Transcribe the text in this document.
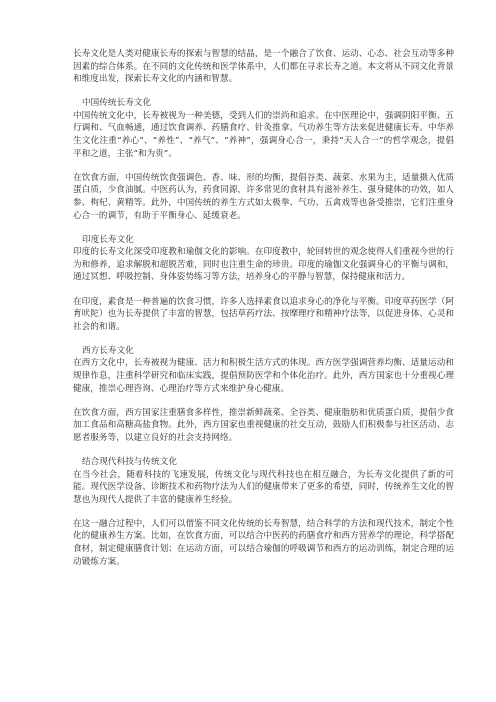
长寿文化是人类对健康长寿的探索与智慧的结晶，是一个融合了饮食、运动、心态、社会互动等多种因素的综合体系。在不同的文化传统和医学体系中，人们都在寻求长寿之道。本文将从不同文化背景和维度出发，探索长寿文化的内涵和智慧。

中国传统长寿文化

中国传统文化中，长寿被视为一种美德，受到人们的崇尚和追求。在中医理论中，强调阴阳平衡、五行调和、气血畅通，通过饮食调养、药膳食疗、针灸推拿、气功养生等方法来促进健康长寿。中华养生文化注重“养心”、“养性”、“养气”、“养神”，强调身心合一，秉持“天人合一”的哲学观念，提倡平和之道，主张“和为贵”。

在饮食方面，中国传统饮食强调色、香、味、形的均衡，提倡谷类、蔬菜、水果为主，适量摄入优质蛋白质，少食油腻。中医药认为，药食同源，许多常见的食材具有滋补养生、强身健体的功效，如人参、枸杞、黄精等。此外，中国传统的养生方式如太极拳、气功、五禽戏等也备受推崇，它们注重身心合一的调节，有助于平衡身心、延缓衰老。

印度长寿文化

印度的长寿文化深受印度教和瑜伽文化的影响。在印度教中，轮回转世的观念使得人们重视今世的行为和修养，追求解脱和超脱苦难，同时也注重生命的珍贵。印度的瑜伽文化强调身心的平衡与调和，通过冥想、呼吸控制、身体姿势练习等方法，培养身心的平静与智慧，保持健康和活力。

在印度，素食是一种普遍的饮食习惯，许多人选择素食以追求身心的净化与平衡。印度草药医学（阿育吠陀）也为长寿提供了丰富的智慧，包括草药疗法、按摩理疗和精神疗法等，以促进身体、心灵和社会的和谐。

西方长寿文化

在西方文化中，长寿被视为健康、活力和积极生活方式的体现。西方医学强调营养均衡、适量运动和规律作息，注重科学研究和临床实践，提倡预防医学和个体化治疗。此外，西方国家也十分重视心理健康，推崇心理咨询、心理治疗等方式来维护身心健康。

在饮食方面，西方国家注重膳食多样性，推崇新鲜蔬菜、全谷类、健康脂肪和优质蛋白质，提倡少食加工食品和高糖高盐食物。此外，西方国家也重视健康的社交互动，鼓励人们积极参与社区活动、志愿者服务等，以建立良好的社会支持网络。

结合现代科技与传统文化

在当今社会，随着科技的飞速发展，传统文化与现代科技也在相互融合，为长寿文化提供了新的可能。现代医学设备、诊断技术和药物疗法为人们的健康带来了更多的希望，同时，传统养生文化的智慧也为现代人提供了丰富的健康养生经验。

在这一融合过程中，人们可以借鉴不同文化传统的长寿智慧，结合科学的方法和现代技术，制定个性化的健康养生方案。比如，在饮食方面，可以结合中医药的药膳食疗和西方营养学的理论，科学搭配食材，制定健康膳食计划；在运动方面，可以结合瑜伽的呼吸调节和西方的运动训练，制定合理的运动锻炼方案。
